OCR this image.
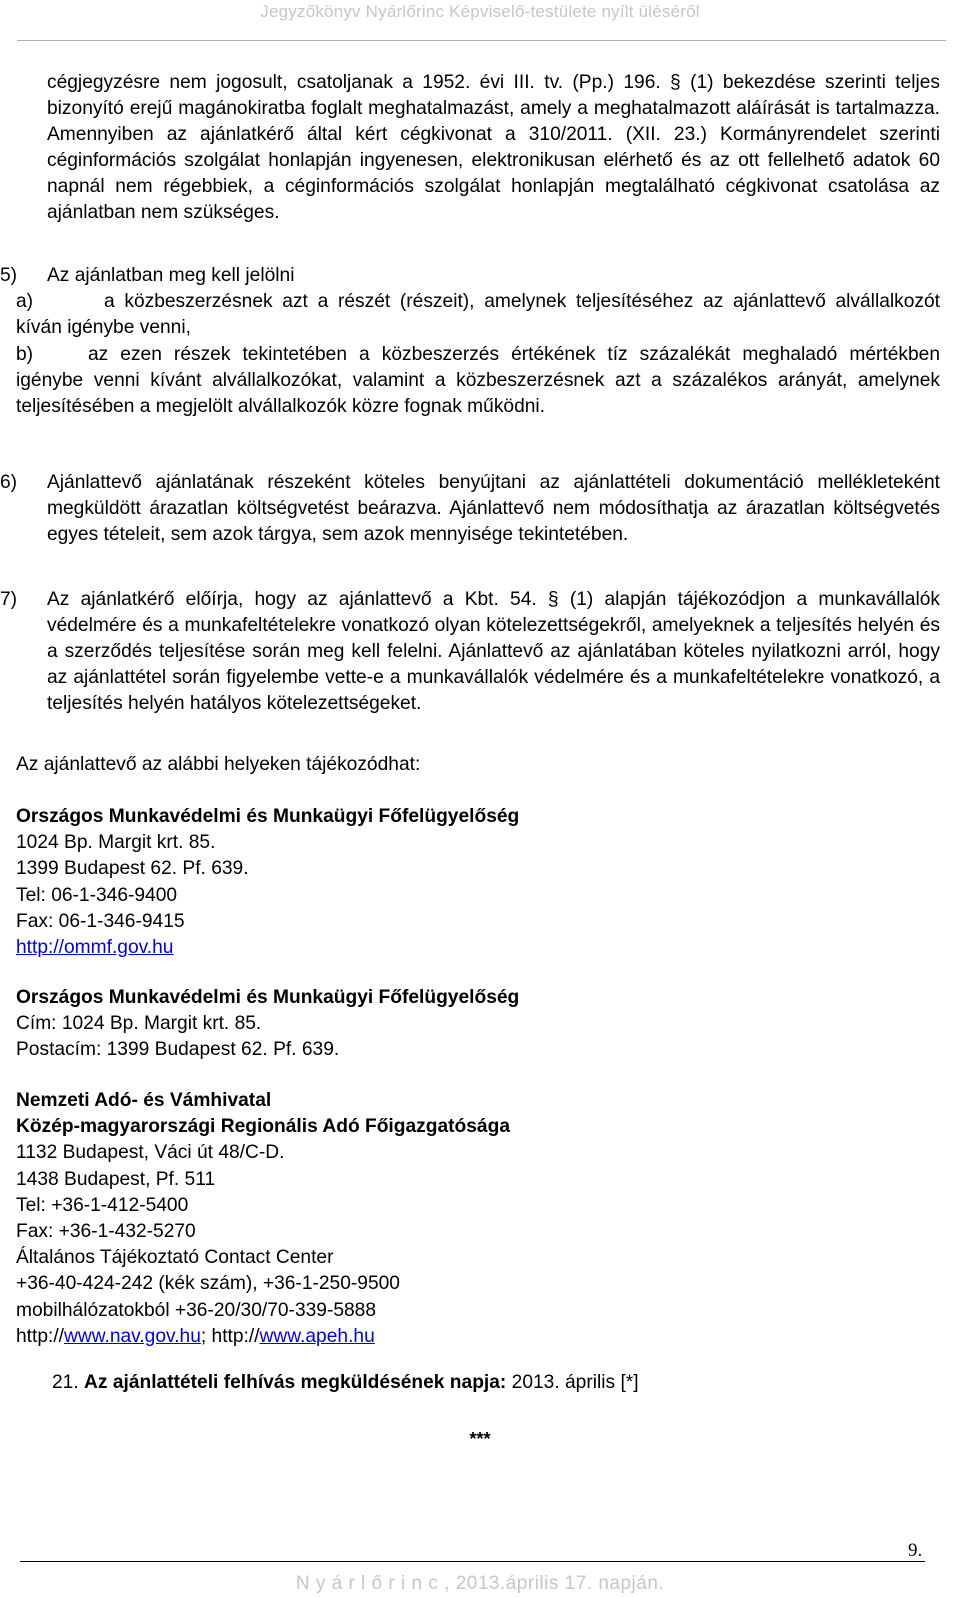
Jegyzőkönyv Nyárlőrinc Képviselő-testülete nyílt üléséről
cégjegyzésre nem jogosult, csatoljanak a 1952. évi III. tv. (Pp.) 196. § (1) bekezdése szerinti teljes bizonyító erejű magánokiratba foglalt meghatalmazást, amely a meghatalmazott aláírását is tartalmazza. Amennyiben az ajánlatkérő által kért cégkivonat a 310/2011. (XII. 23.) Kormányrendelet szerinti céginformációs szolgálat honlapján ingyenesen, elektronikusan elérhető és az ott fellelhető adatok 60 napnál nem régebbiek, a céginformációs szolgálat honlapján megtalálható cégkivonat csatolása az ajánlatban nem szükséges.
5) Az ajánlatban meg kell jelölni
a)	a közbeszerzésnek azt a részét (részeit), amelynek teljesítéséhez az ajánlattevő alvállalkozót kíván igénybe venni,
b)	az ezen részek tekintetében a közbeszerzés értékének tíz százalékát meghaladó mértékben igénybe venni kívánt alvállalkozókat, valamint a közbeszerzésnek azt a százalékos arányát, amelynek teljesítésében a megjelölt alvállalkozók közre fognak működni.
6) Ajánlattevő ajánlatának részeként köteles benyújtani az ajánlattételi dokumentáció mellékleteként megküldött árazatlan költségvetést beárazva. Ajánlattevő nem módosíthatja az árazatlan költségvetés egyes tételeit, sem azok tárgya, sem azok mennyisége tekintetében.
7) Az ajánlatkérő előírja, hogy az ajánlattevő a Kbt. 54. § (1) alapján tájékozódjon a munkavállalók védelmére és a munkafeltételekre vonatkozó olyan kötelezettségekről, amelyeknek a teljesítés helyén és a szerződés teljesítése során meg kell felelni. Ajánlattevő az ajánlatában köteles nyilatkozni arról, hogy az ajánlattétel során figyelembe vette-e a munkavállalók védelmére és a munkafeltételekre vonatkozó, a teljesítés helyén hatályos kötelezettségeket.
Az ajánlattevő az alábbi helyeken tájékozódhat:
Országos Munkavédelmi és Munkaügyi Főfelügyelőség
1024 Bp. Margit krt. 85.
1399 Budapest 62. Pf. 639.
Tel: 06-1-346-9400
Fax: 06-1-346-9415
http://ommf.gov.hu
Országos Munkavédelmi és Munkaügyi Főfelügyelőség
Cím: 1024 Bp. Margit krt. 85.
Postacím: 1399 Budapest 62. Pf. 639.
Nemzeti Adó- és Vámhivatal
Közép-magyarországi Regionális Adó Főigazgatósága
1132 Budapest, Váci út 48/C-D.
1438 Budapest, Pf. 511
Tel: +36-1-412-5400
Fax: +36-1-432-5270
Általános Tájékoztató Contact Center
+36-40-424-242 (kék szám), +36-1-250-9500
mobilhálózatokból +36-20/30/70-339-5888
http://www.nav.gov.hu; http://www.apeh.hu
21. Az ajánlattételi felhívás megküldésének napja: 2013. április [*]
***
9.
N y á r l ő r i n c , 2013.április 17. napján.
